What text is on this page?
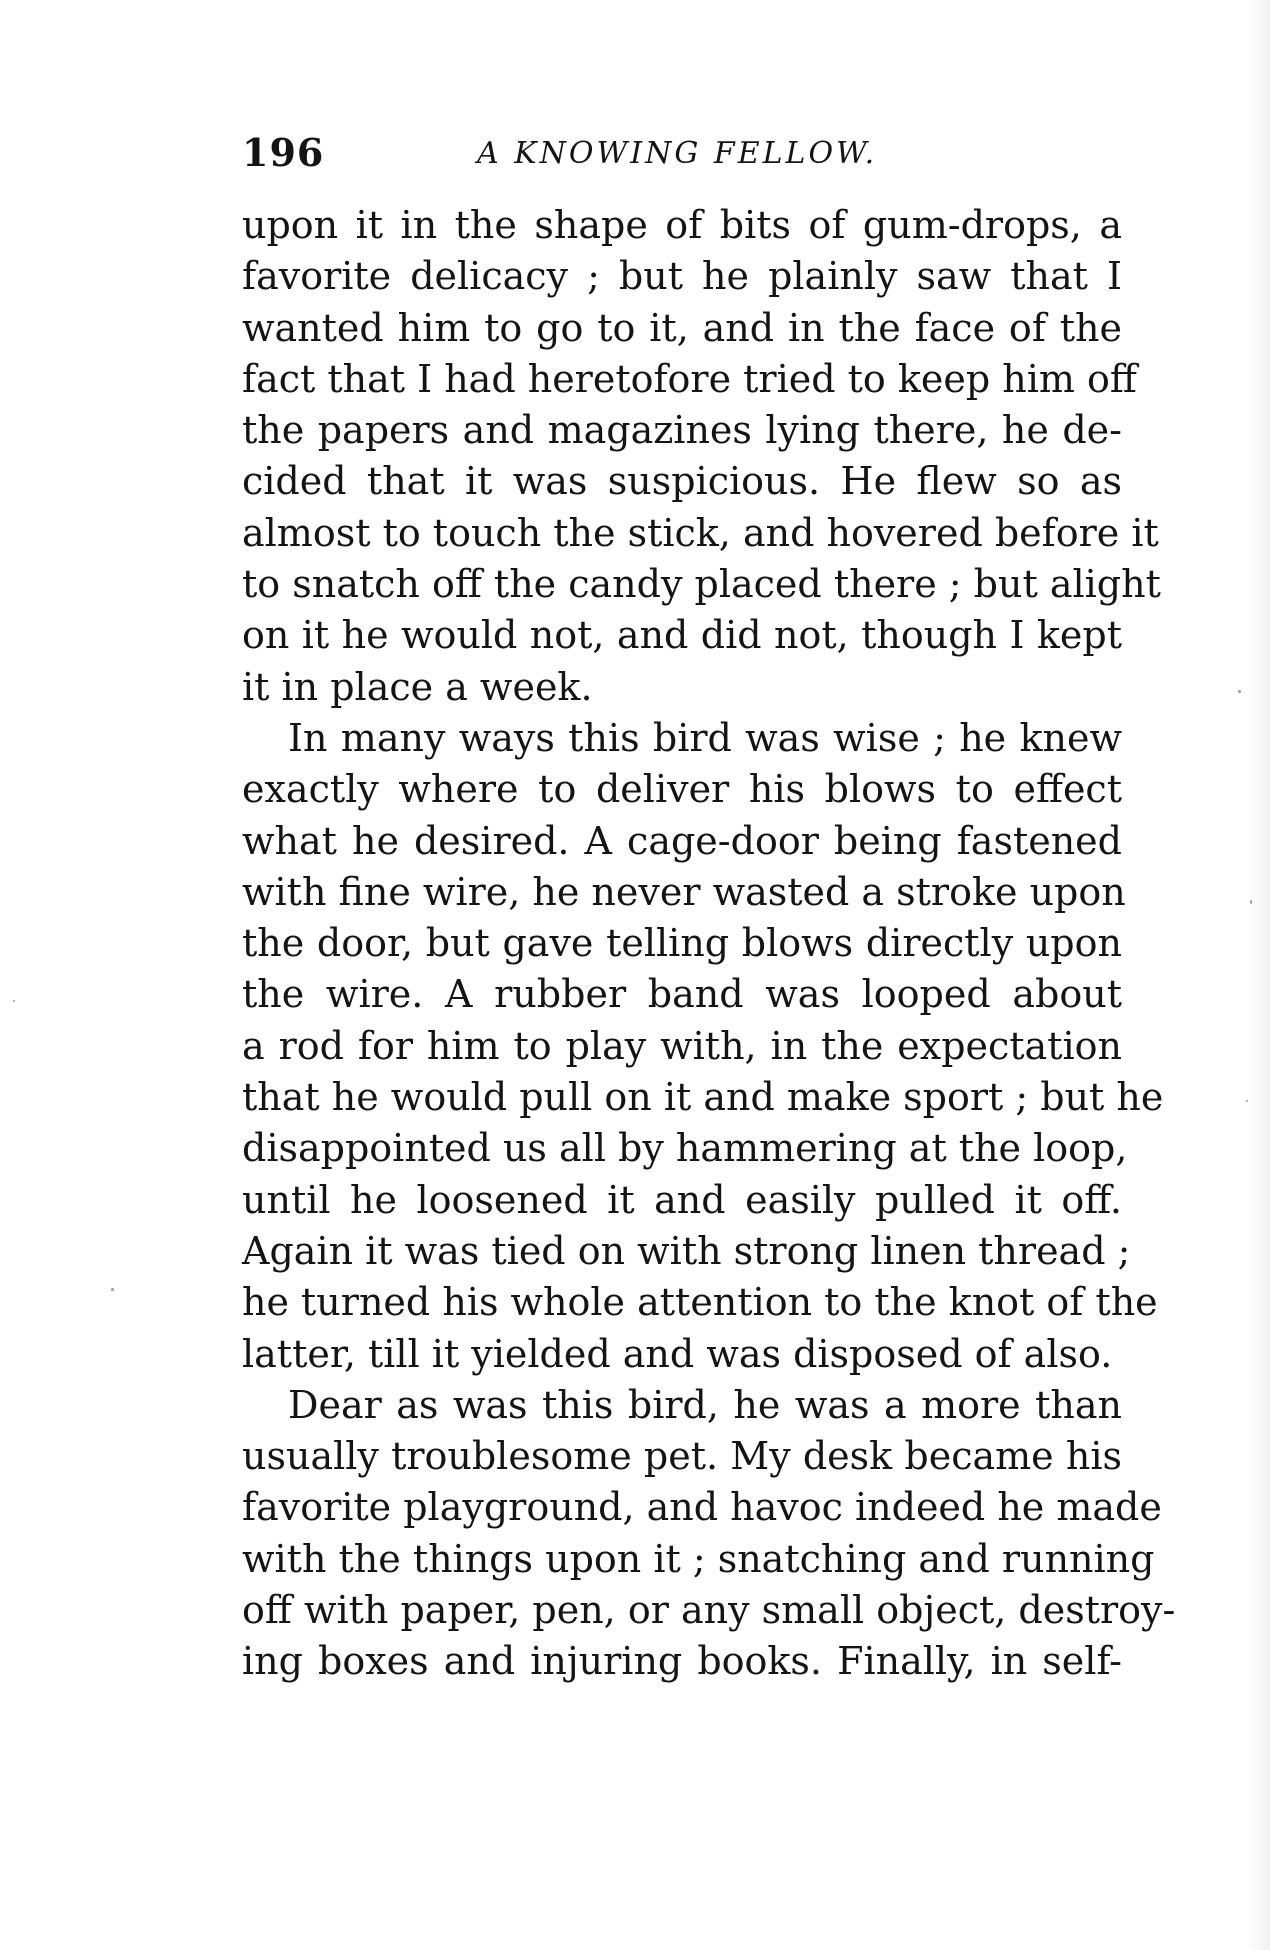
196	A KNOWING FELLOW.
upon it in the shape of bits of gum-drops, a
favorite delicacy ; but he plainly saw that I
wanted him to go to it, and in the face of the
fact that I had heretofore tried to keep him off
the papers and magazines lying there, he de-
cided that it was suspicious. He flew so as
almost to touch the stick, and hovered before it
to snatch off the candy placed there ; but alight
on it he would not, and did not, though I kept
it in place a week.
In many ways this bird was wise ; he knew
exactly where to deliver his blows to effect
what he desired. A cage-door being fastened
with fine wire, he never wasted a stroke upon
the door, but gave telling blows directly upon
the wire. A rubber band was looped about
a rod for him to play with, in the expectation
that he would pull on it and make sport ; but he
disappointed us all by hammering at the loop,
until he loosened it and easily pulled it off.
Again it was tied on with strong linen thread ;
he turned his whole attention to the knot of the
latter, till it yielded and was disposed of also.
Dear as was this bird, he was a more than
usually troublesome pet. My desk became his
favorite playground, and havoc indeed he made
with the things upon it ; snatching and running
off with paper, pen, or any small object, destroy-
ing boxes and injuring books. Finally, in self-
